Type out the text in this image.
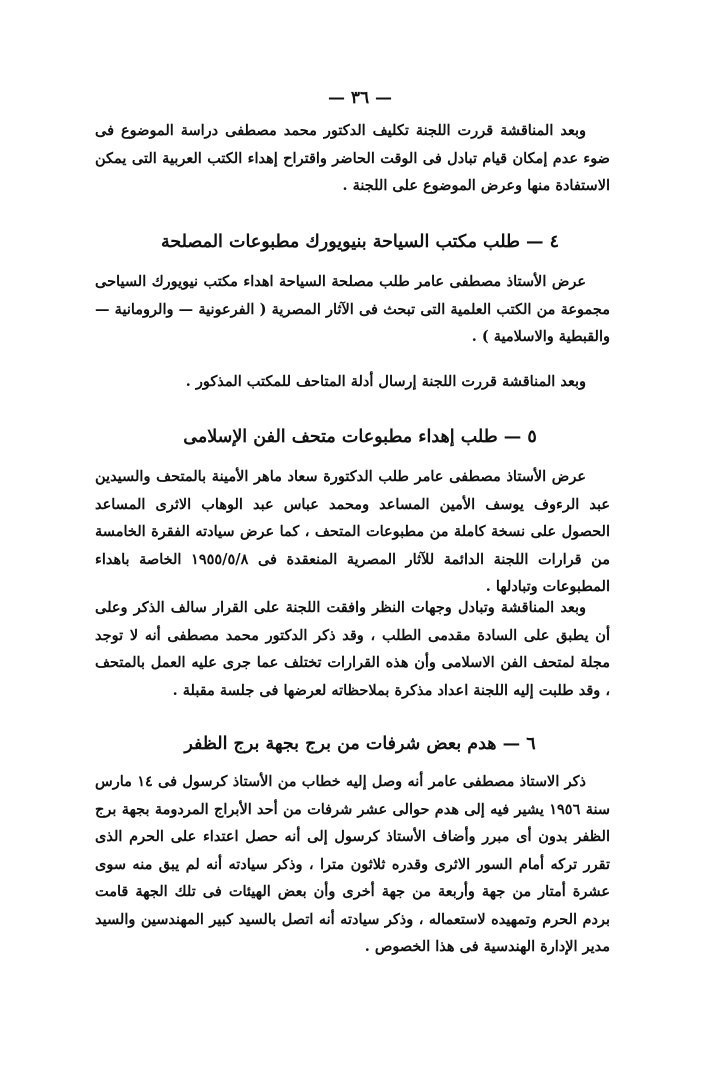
— ٣٦ —

وبعد المناقشة قررت اللجنة تكليف الدكتور محمد مصطفى دراسة الموضوع فى ضوء عدم إمكان قيام تبادل فى الوقت الحاضر واقتراح إهداء الكتب العربية التى يمكن الاستفادة منها وعرض الموضوع على اللجنة .

٤ — طلب مكتب السياحة بنيويورك مطبوعات المصلحة

عرض الأستاذ مصطفى عامر طلب مصلحة السياحة اهداء مكتب نيويورك السياحى مجموعة من الكتب العلمية التى تبحث فى الآثار المصرية ( الفرعونية — والرومانية — والقبطية والاسلامية ) .

وبعد المناقشة قررت اللجنة إرسال أدلة المتاحف للمكتب المذكور .

٥ — طلب إهداء مطبوعات متحف الفن الإسلامى

عرض الأستاذ مصطفى عامر طلب الدكتورة سعاد ماهر الأمينة بالمتحف والسيدين عبد الرءوف يوسف الأمين المساعد ومحمد عباس عبد الوهاب الاثرى المساعد الحصول على نسخة كاملة من مطبوعات المتحف ، كما عرض سيادته الفقرة الخامسة من قرارات اللجنة الدائمة للآثار المصرية المنعقدة فى ١٩٥٥/٥/٨ الخاصة باهداء المطبوعات وتبادلها .

وبعد المناقشة وتبادل وجهات النظر وافقت اللجنة على القرار سالف الذكر وعلى أن يطبق على السادة مقدمى الطلب ، وقد ذكر الدكتور محمد مصطفى أنه لا توجد مجلة لمتحف الفن الاسلامى وأن هذه القرارات تختلف عما جرى عليه العمل بالمتحف ، وقد طلبت إليه اللجنة اعداد مذكرة بملاحظاته لعرضها فى جلسة مقبلة .

٦ — هدم بعض شرفات من برج بجهة برج الظفر

ذكر الاستاذ مصطفى عامر أنه وصل إليه خطاب من الأستاذ كرسول فى ١٤ مارس سنة ١٩٥٦ يشير فيه إلى هدم حوالى عشر شرفات من أحد الأبراج المردومة بجهة برج الظفر بدون أى مبرر وأضاف الأستاذ كرسول إلى أنه حصل اعتداء على الحرم الذى تقرر تركه أمام السور الاثرى وقدره ثلاثون مترا ، وذكر سيادته أنه لم يبق منه سوى عشرة أمتار من جهة وأربعة من جهة أخرى وأن بعض الهيئات فى تلك الجهة قامت بردم الحرم وتمهيده لاستعماله ، وذكر سيادته أنه اتصل بالسيد كبير المهندسين والسيد مدير الإدارة الهندسية فى هذا الخصوص .
